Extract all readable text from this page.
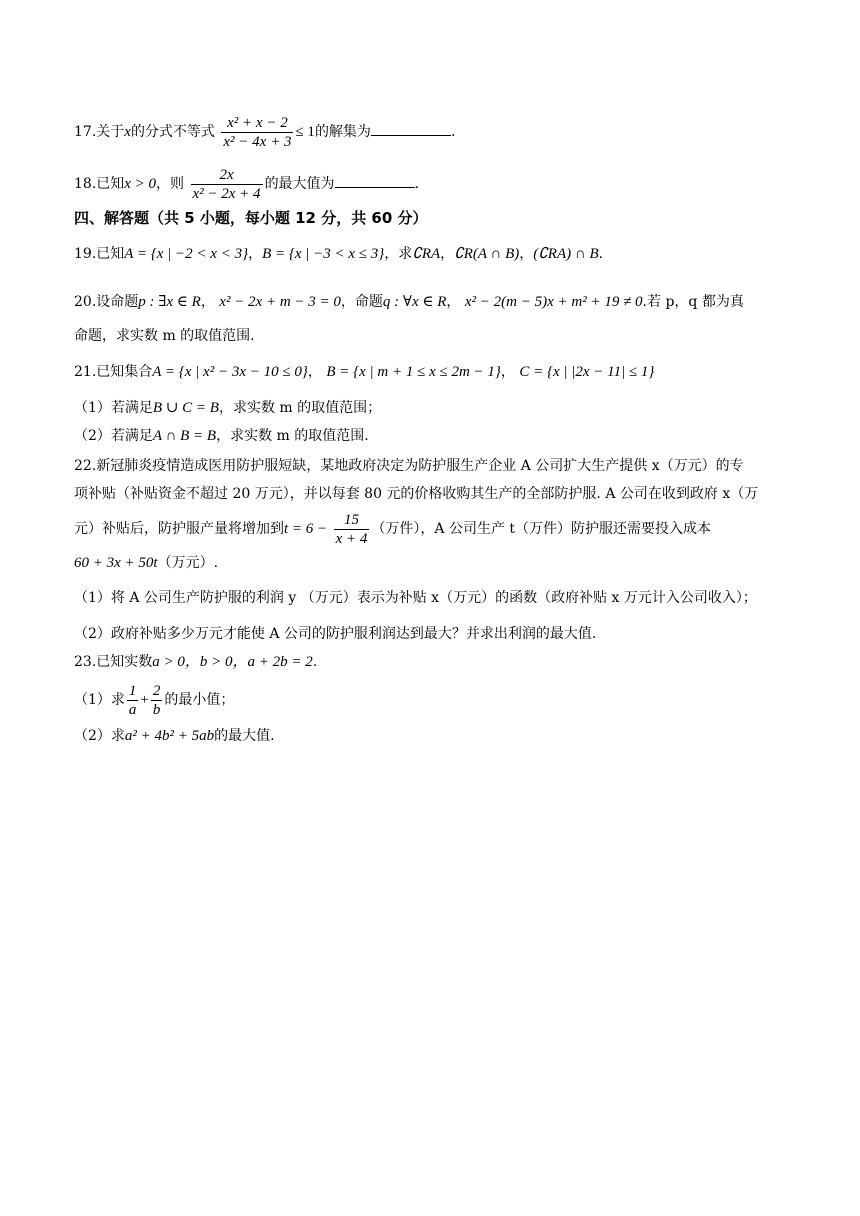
17.关于x的分式不等式 $\frac{\text{x² + x − 2}}{\text{x² − 4x + 3}} \le 1$的解集为	.
18.已知x > 0，则 $\frac{2x}{\text{x² − 2x + 4}}$ 的最大值为	.
四、解答题（共 5 小题，每小题 12 分，共 60 分）
19.已知A = {x | −2 < x < 3}，B = {x | −3 < x ≤ 3}，求∁RA，∁R(A ∩ B)，(∁RA) ∩ B.
20.设命题p : ∃x ∈ R， x² − 2x + m − 3 = 0，命题q : ∀x ∈ R， x² − 2(m − 5)x + m² + 19 ≠ 0.若 p，q 都为真
命题，求实数 m 的取值范围.
21.已知集合A = {x | x² − 3x − 10 ≤ 0}， B = {x | m + 1 ≤ x ≤ 2m − 1}， C = {x | |2x − 11| ≤ 1}
（1）若满足B ∪ C = B，求实数 m 的取值范围；
（2）若满足A ∩ B = B，求实数 m 的取值范围.
22.新冠肺炎疫情造成医用防护服短缺，某地政府决定为防护服生产企业 A 公司扩大生产提供 x（万元）的专
项补贴（补贴资金不超过 20 万元），并以每套 80 元的价格收购其生产的全部防护服. A 公司在收到政府 x（万
元）补贴后，防护服产量将增加到$t = 6 - \frac{15}{x + 4}$ （万件），A 公司生产 t（万件）防护服还需要投入成本
60 + 3x + 50t（万元）.
（1）将 A 公司生产防护服的利润 y （万元）表示为补贴 x（万元）的函数（政府补贴 x 万元计入公司收入）；
（2）政府补贴多少万元才能使 A 公司的防护服利润达到最大？并求出利润的最大值.
23.已知实数a > 0，b > 0，a + 2b = 2.
（1）求 $\frac{1}{a} + \frac{2}{b}$ 的最小值；
（2）求a² + 4b² + 5ab的最大值.
